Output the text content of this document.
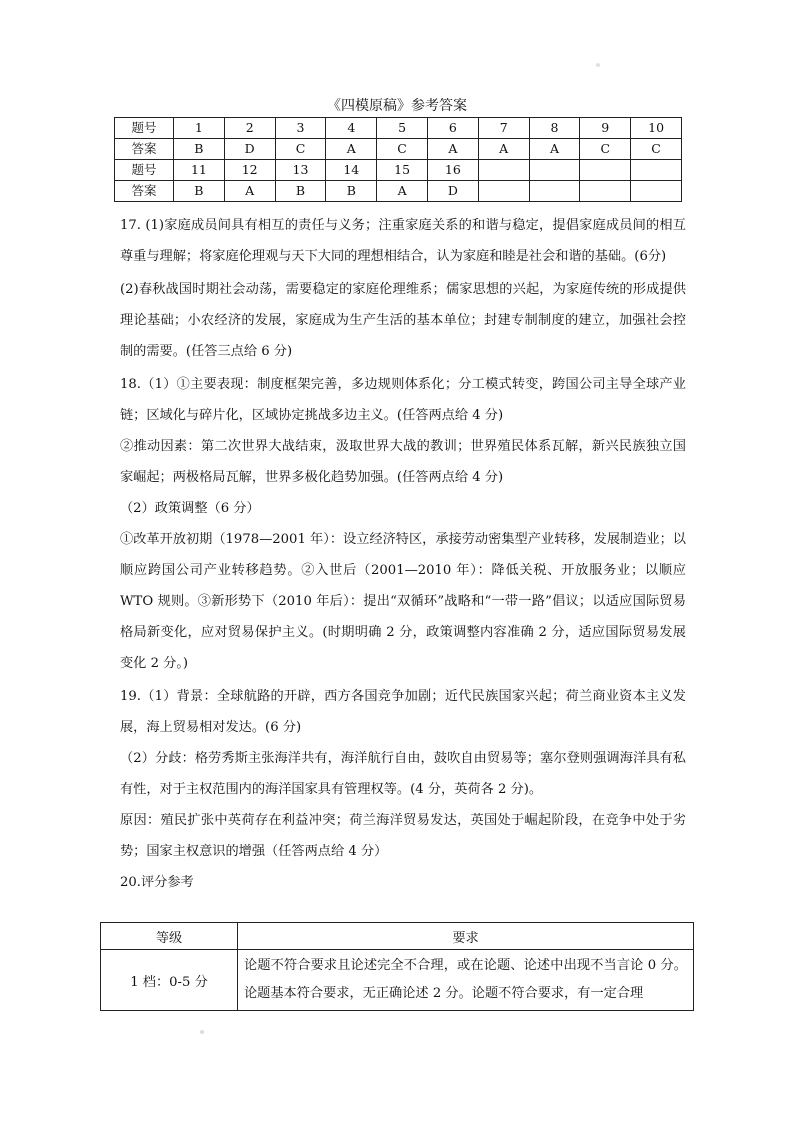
《四模原稿》参考答案
题号	1	2	3	4	5	6	7	8	9	10
答案	B	D	C	A	C	A	A	A	C	C
题号	11	12	13	14	15	16				
答案	B	A	B	B	A	D				

17. (1)家庭成员间具有相互的责任与义务；注重家庭关系的和谐与稳定，提倡家庭成员间的相互尊重与理解；将家庭伦理观与天下大同的理想相结合，认为家庭和睦是社会和谐的基础。(6分)

(2)春秋战国时期社会动荡，需要稳定的家庭伦理维系；儒家思想的兴起，为家庭传统的形成提供理论基础；小农经济的发展，家庭成为生产生活的基本单位；封建专制制度的建立，加强社会控制的需要。(任答三点给 6 分)

18.（1）①主要表现：制度框架完善，多边规则体系化；分工模式转变，跨国公司主导全球产业链；区域化与碎片化，区域协定挑战多边主义。(任答两点给 4 分)

②推动因素：第二次世界大战结束，汲取世界大战的教训；世界殖民体系瓦解，新兴民族独立国家崛起；两极格局瓦解，世界多极化趋势加强。(任答两点给 4 分)

（2）政策调整（6 分）

①改革开放初期（1978—2001 年）：设立经济特区，承接劳动密集型产业转移，发展制造业；以顺应跨国公司产业转移趋势。②入世后（2001—2010 年）：降低关税、开放服务业；以顺应 WTO 规则。③新形势下（2010 年后）：提出“双循环”战略和“一带一路”倡议；以适应国际贸易格局新变化，应对贸易保护主义。(时期明确 2 分，政策调整内容准确 2 分，适应国际贸易发展变化 2 分。)

19.（1）背景：全球航路的开辟，西方各国竞争加剧；近代民族国家兴起；荷兰商业资本主义发展，海上贸易相对发达。(6 分)

（2）分歧：格劳秀斯主张海洋共有，海洋航行自由，鼓吹自由贸易等；塞尔登则强调海洋具有私有性，对于主权范围内的海洋国家具有管理权等。(4 分，英荷各 2 分)。

原因：殖民扩张中英荷存在利益冲突；荷兰海洋贸易发达，英国处于崛起阶段，在竞争中处于劣势；国家主权意识的增强（任答两点给 4 分）

20.评分参考

等级	要求
1 档：0-5 分	论题不符合要求且论述完全不合理，或在论题、论述中出现不当言论 0 分。论题基本符合要求，无正确论述 2 分。论题不符合要求，有一定合理
